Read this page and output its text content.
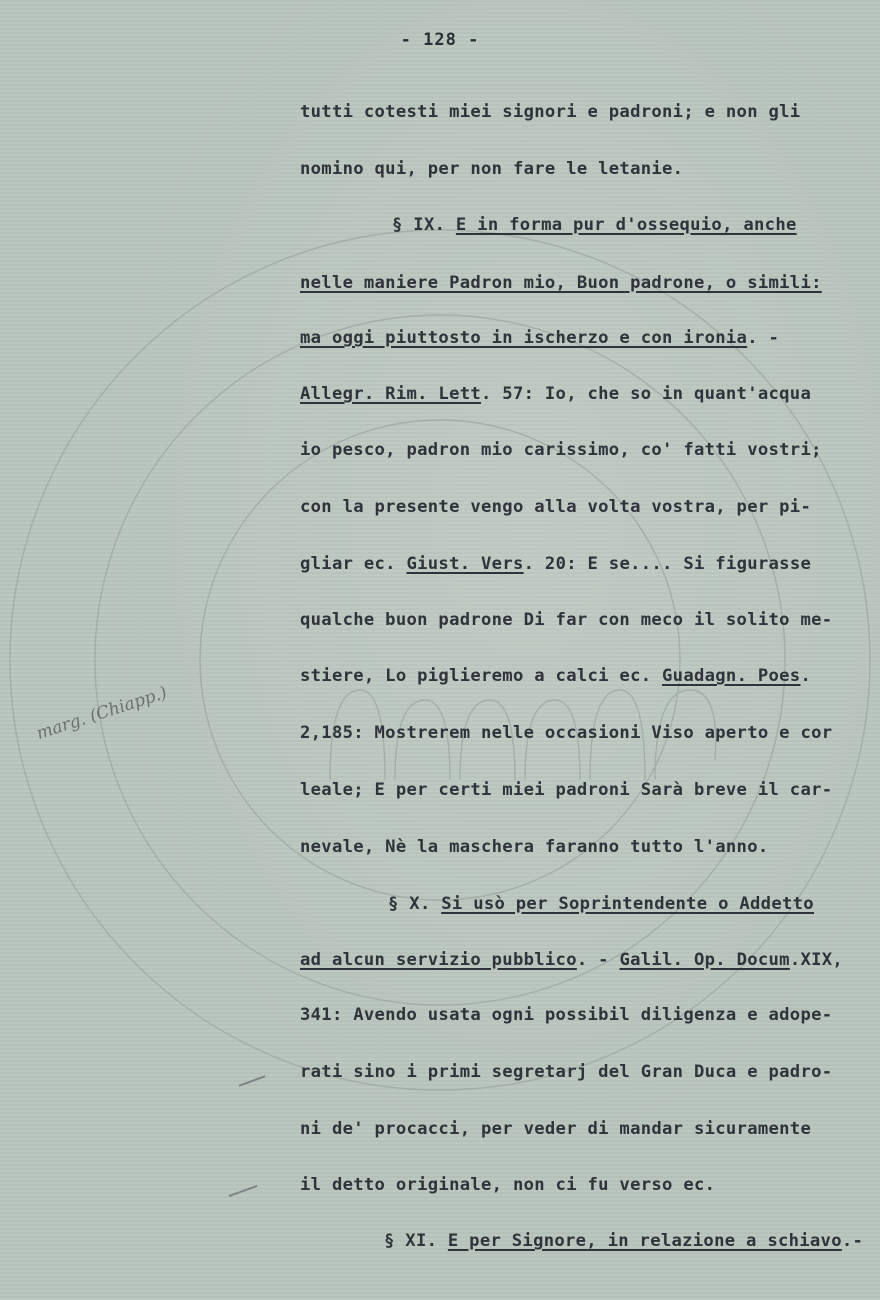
- 128 -
tutti cotesti miei signori e padroni; e non gli
nomino qui, per non fare le letanie.
§ IX. E in forma pur d'ossequio, anche
nelle maniere Padron mio, Buon padrone, o simili:
ma oggi piuttosto in ischerzo e con ironia. -
Allegr. Rim. Lett. 57: Io, che so in quant'acqua
io pesco, padron mio carissimo, co' fatti vostri;
con la presente vengo alla volta vostra, per pi-
gliar ec. Giust. Vers. 20: E se.... Si figurasse
qualche buon padrone Di far con meco il solito me-
stiere, Lo piglieremo a calci ec. Guadagn. Poes.
2,185: Mostrerem nelle occasioni Viso aperto e cor
leale; E per certi miei padroni Sarà breve il car-
nevale, Nè la maschera faranno tutto l'anno.
§ X. Si usò per Soprintendente o Addetto
ad alcun servizio pubblico. - Galil. Op. Docum.XIX,
341: Avendo usata ogni possibil diligenza e adope-
rati sino i primi segretarj del Gran Duca e padro-
ni de' procacci, per veder di mandar sicuramente
il detto originale, non ci fu verso ec.
§ XI. E per Signore, in relazione a schiavo.-
marg. (Chiapp.)
